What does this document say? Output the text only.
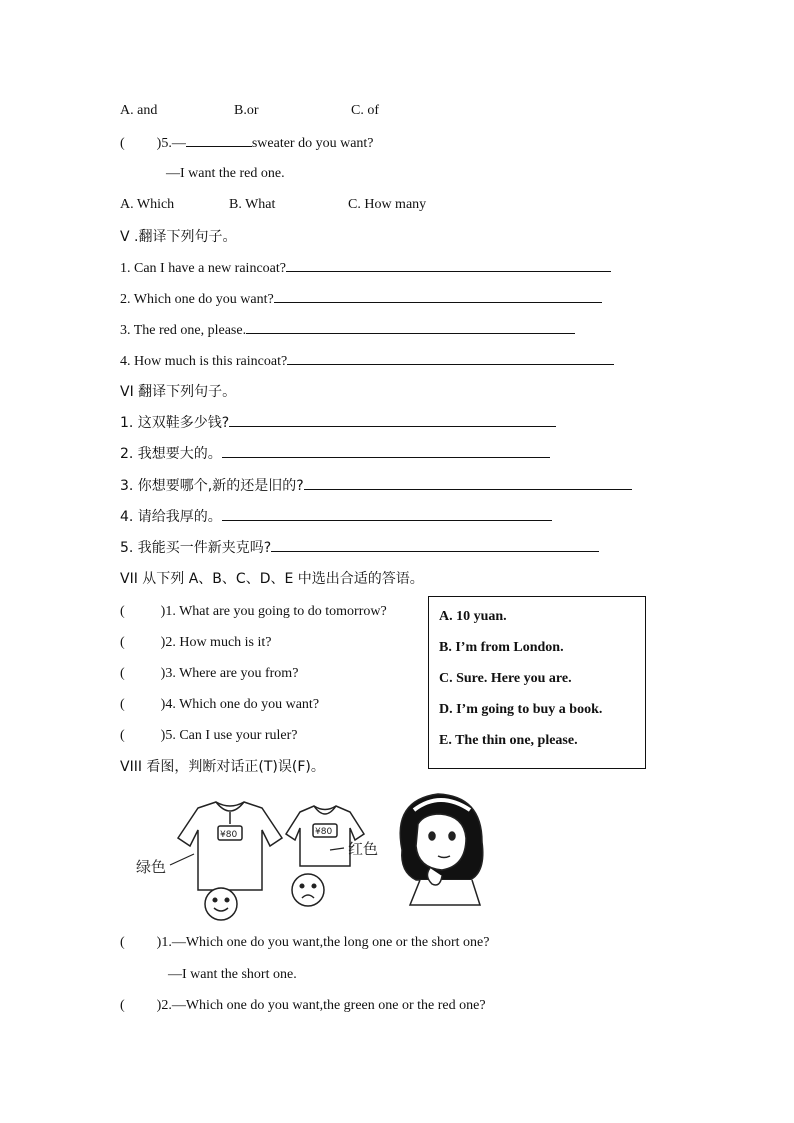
A. and	B.or	C. of
( )5.—	sweater do you want?
—I want the red one.
A. Which	B. What	C. How many
V .翻译下列句子。
1. Can I have a new raincoat?
2. Which one do you want?
3. The red one, please.
4. How much is this raincoat?
VI 翻译下列句子。
1. 这双鞋多少钱?
2. 我想要大的。
3. 你想要哪个,新的还是旧的?
4. 请给我厚的。
5. 我能买一件新夹克吗?
VII 从下列 A、B、C、D、E 中选出合适的答语。
(	)1. What are you going to do tomorrow?
(	)2. How much is it?
(	)3. Where are you from?
(	)4. Which one do you want?
(	)5. Can I use your ruler?
A. 10 yuan.
B. I’m from London.
C. Sure. Here you are.
D. I’m going to buy a book.
E. The thin one, please.
VIII 看图，判断对话正(T)误(F)。
¥80	¥80
绿色
红色
( )1.—Which one do you want,the long one or the short one?
—I want the short one.
( )2.—Which one do you want,the green one or the red one?
